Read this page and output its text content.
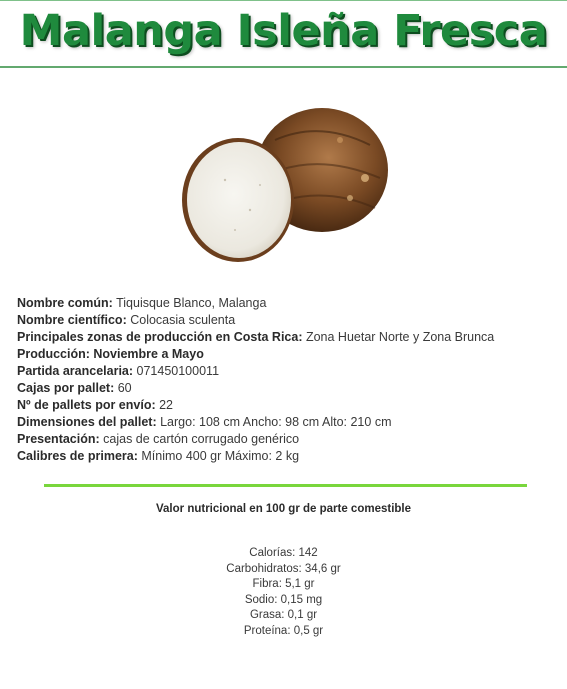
Malanga Isleña Fresca
Nombre común: Tiquisque Blanco, Malanga
Nombre científico: Colocasia sculenta
Principales zonas de producción en Costa Rica: Zona Huetar Norte y Zona Brunca
Producción: Noviembre a Mayo
Partida arancelaria: 071450100011
Cajas por pallet: 60
Nº de pallets por envío: 22
Dimensiones del pallet: Largo: 108 cm Ancho: 98 cm Alto: 210 cm
Presentación: cajas de cartón corrugado genérico
Calibres de primera: Mínimo 400 gr Máximo: 2 kg
Valor nutricional en 100 gr de parte comestible
Calorías: 142
Carbohidratos: 34,6 gr
Fibra: 5,1 gr
Sodio: 0,15 mg
Grasa: 0,1 gr
Proteína: 0,5 gr
